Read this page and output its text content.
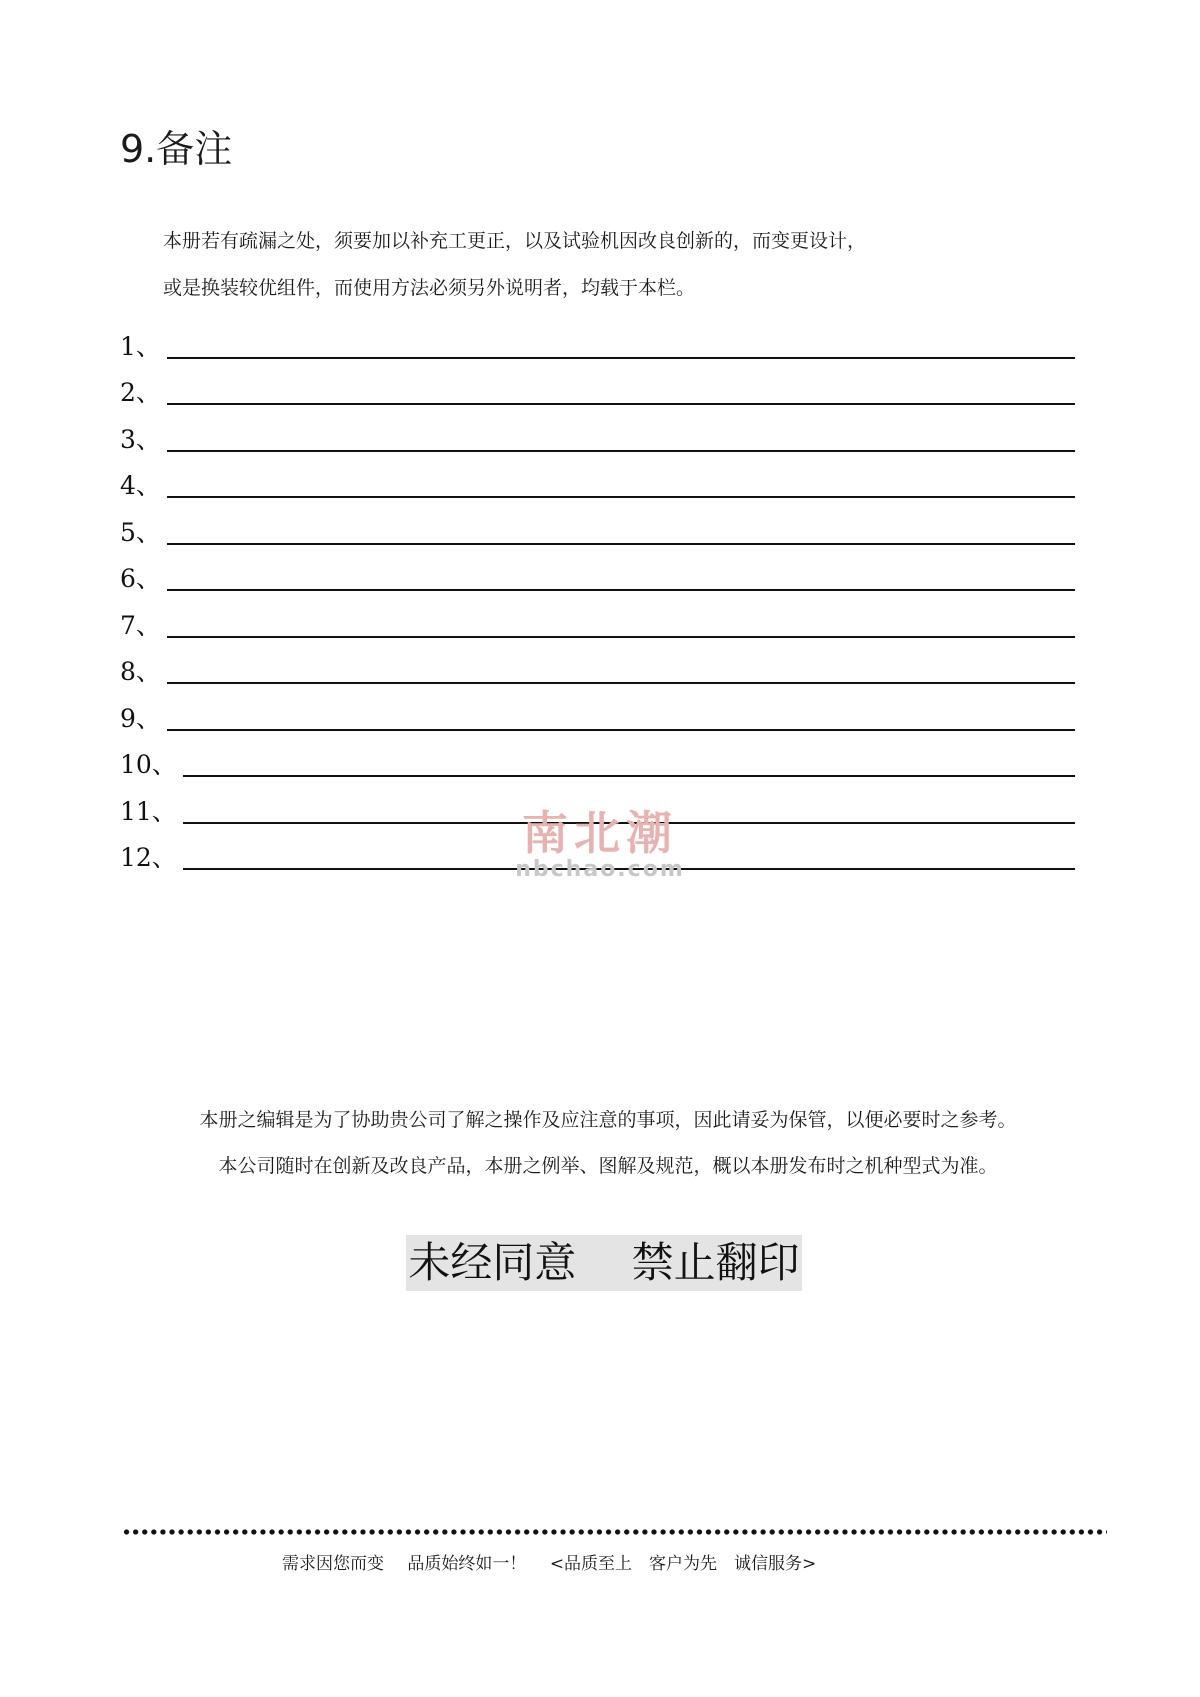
9.备注
本册若有疏漏之处，须要加以补充工更正，以及试验机因改良创新的，而变更设计，
或是换装较优组件，而使用方法必须另外说明者，均载于本栏。
1、
2、
3、
4、
5、
6、
7、
8、
9、
10、
11、
12、	南北潮
nbchao.com
本册之编辑是为了协助贵公司了解之操作及应注意的事项，因此请妥为保管，以便必要时之参考。
本公司随时在创新及改良产品，本册之例举、图解及规范，概以本册发布时之机种型式为准。
未经同意　 禁止翻印
需求因您而变 品质始终如一！ <品质至上　客户为先　诚信服务>
